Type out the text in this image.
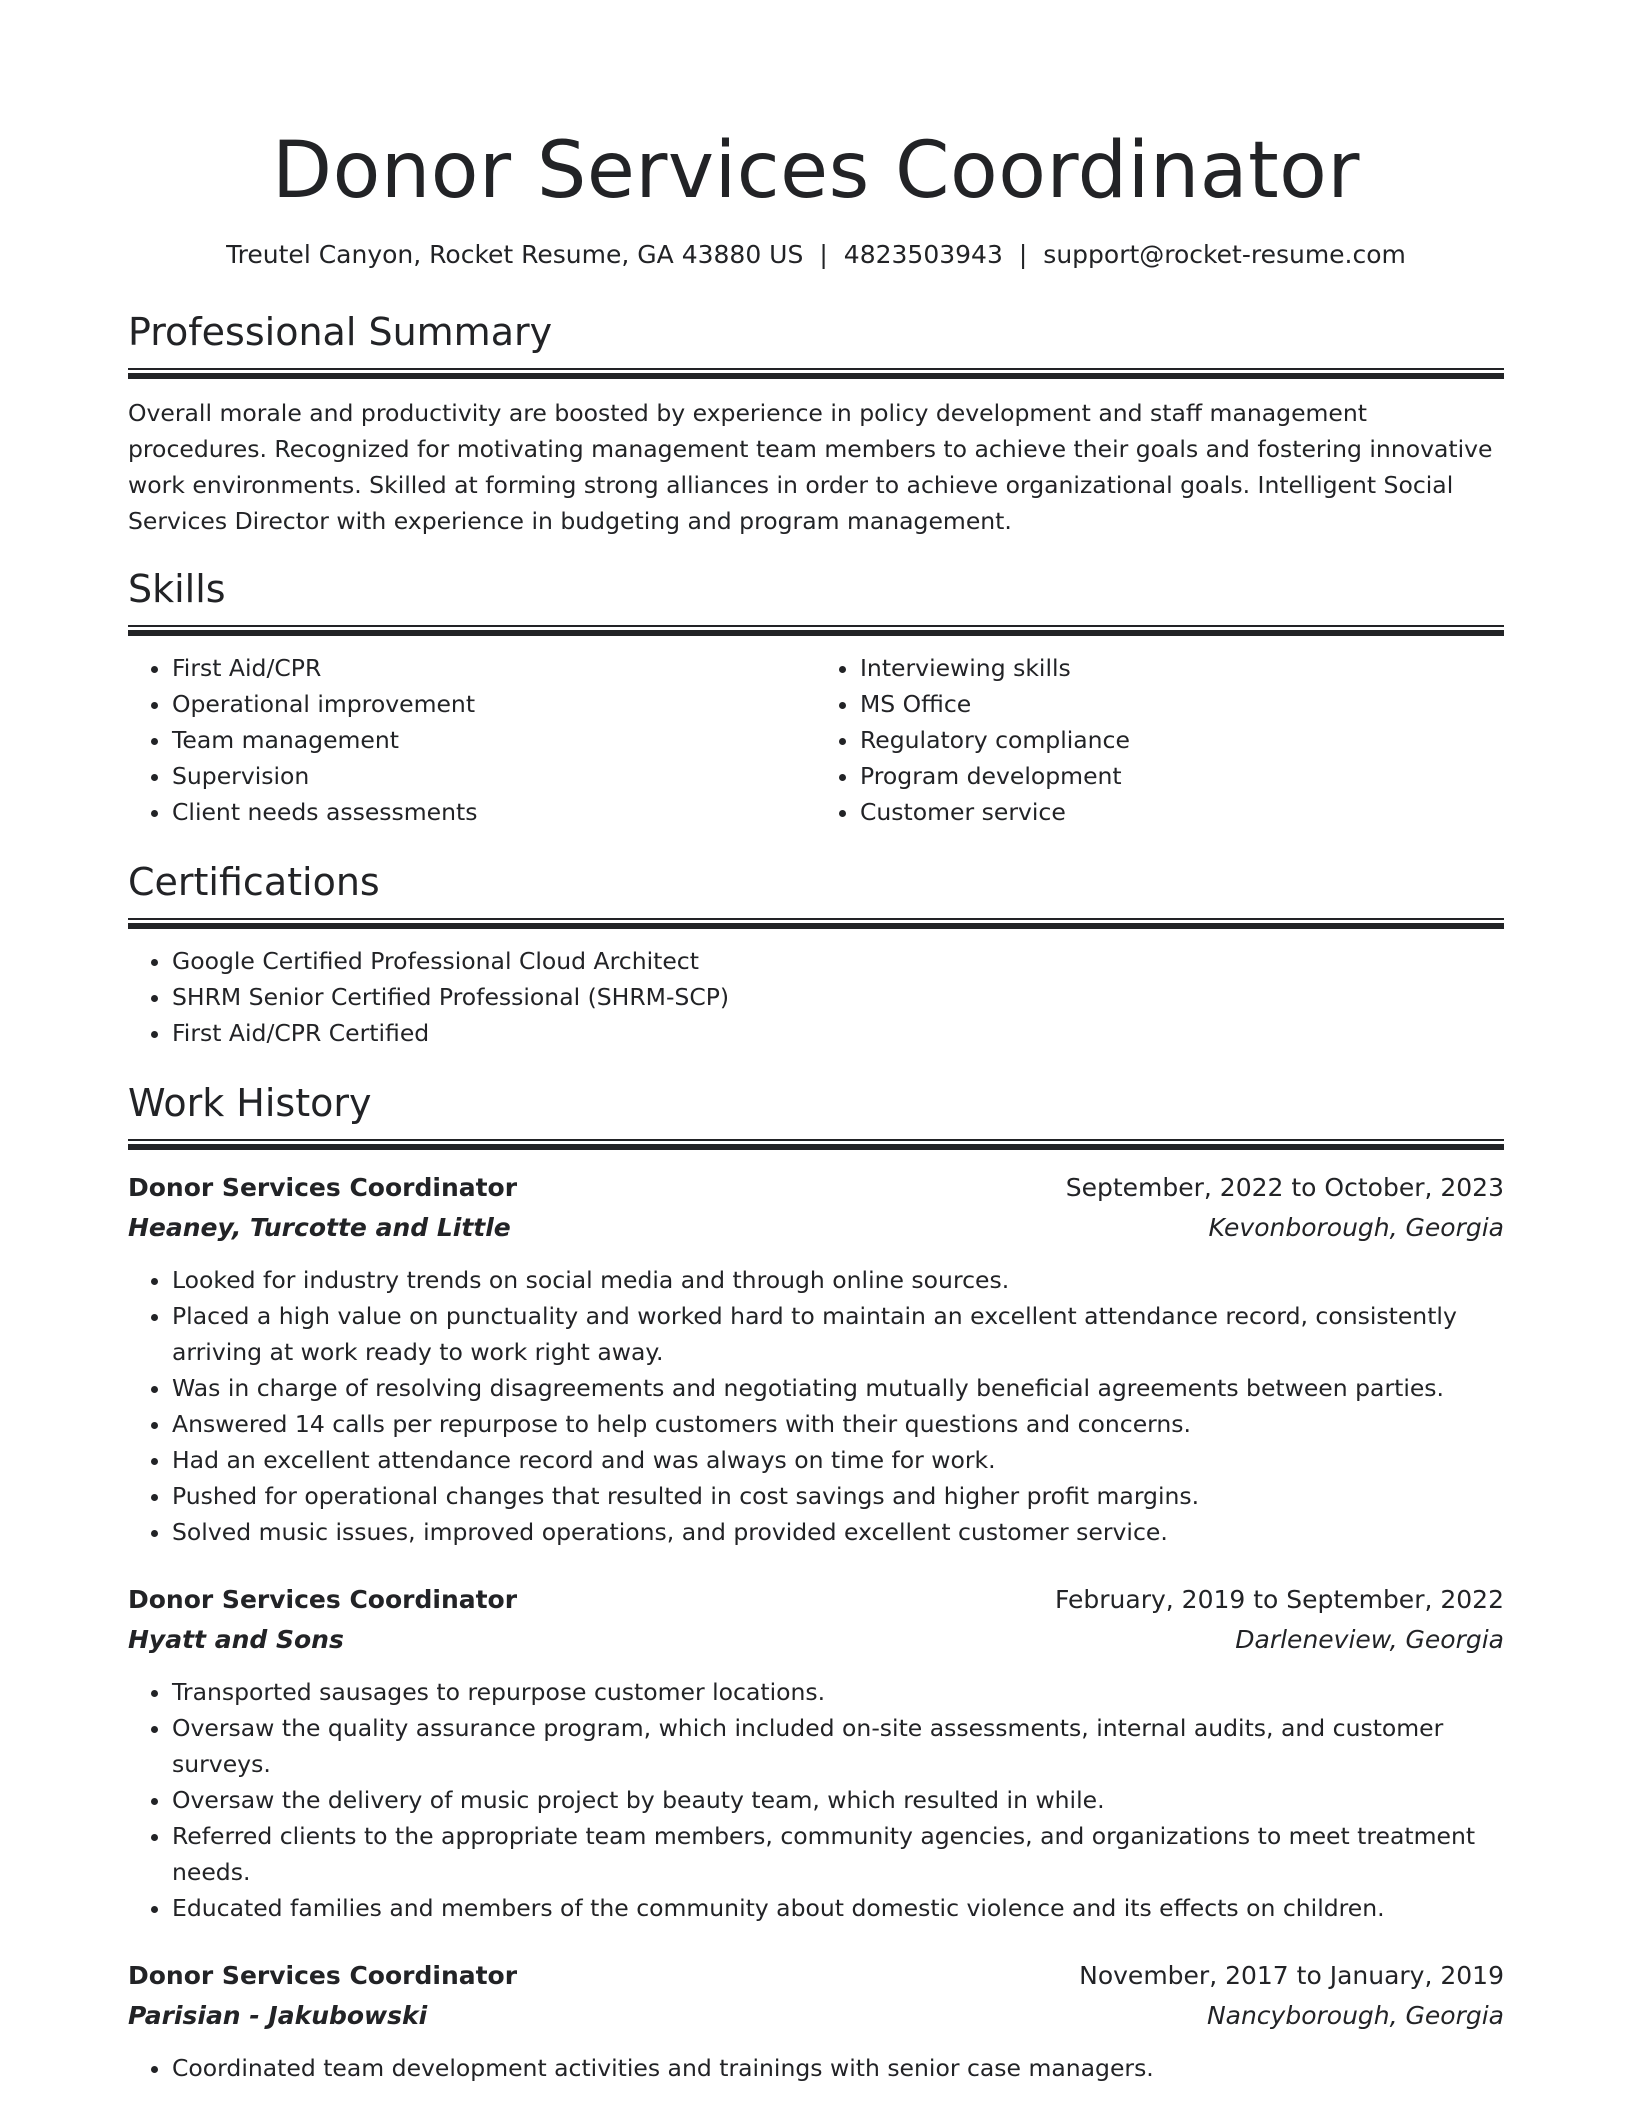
Donor Services Coordinator
Treutel Canyon, Rocket Resume, GA 43880 US | 4823503943 | support@rocket-resume.com
Professional Summary

Overall morale and productivity are boosted by experience in policy development and staff management procedures. Recognized for motivating management team members to achieve their goals and fostering innovative work environments. Skilled at forming strong alliances in order to achieve organizational goals. Intelligent Social Services Director with experience in budgeting and program management.

Skills
• First Aid/CPR
• Operational improvement
• Team management
• Supervision
• Client needs assessments
• Interviewing skills
• MS Office
• Regulatory compliance
• Program development
• Customer service
Certifications
• Google Certified Professional Cloud Architect
• SHRM Senior Certified Professional (SHRM-SCP)
• First Aid/CPR Certified
Work History
Donor Services Coordinator	September, 2022 to October, 2023
Heaney, Turcotte and Little	Kevonborough, Georgia
• Looked for industry trends on social media and through online sources.
• Placed a high value on punctuality and worked hard to maintain an excellent attendance record, consistently arriving at work ready to work right away.
• Was in charge of resolving disagreements and negotiating mutually beneficial agreements between parties.
• Answered 14 calls per repurpose to help customers with their questions and concerns.
• Had an excellent attendance record and was always on time for work.
• Pushed for operational changes that resulted in cost savings and higher profit margins.
• Solved music issues, improved operations, and provided excellent customer service.
Donor Services Coordinator	February, 2019 to September, 2022
Hyatt and Sons	Darleneview, Georgia
• Transported sausages to repurpose customer locations.
• Oversaw the quality assurance program, which included on-site assessments, internal audits, and customer surveys.
• Oversaw the delivery of music project by beauty team, which resulted in while.
• Referred clients to the appropriate team members, community agencies, and organizations to meet treatment needs.
• Educated families and members of the community about domestic violence and its effects on children.
Donor Services Coordinator	November, 2017 to January, 2019
Parisian - Jakubowski	Nancyborough, Georgia
• Coordinated team development activities and trainings with senior case managers.
